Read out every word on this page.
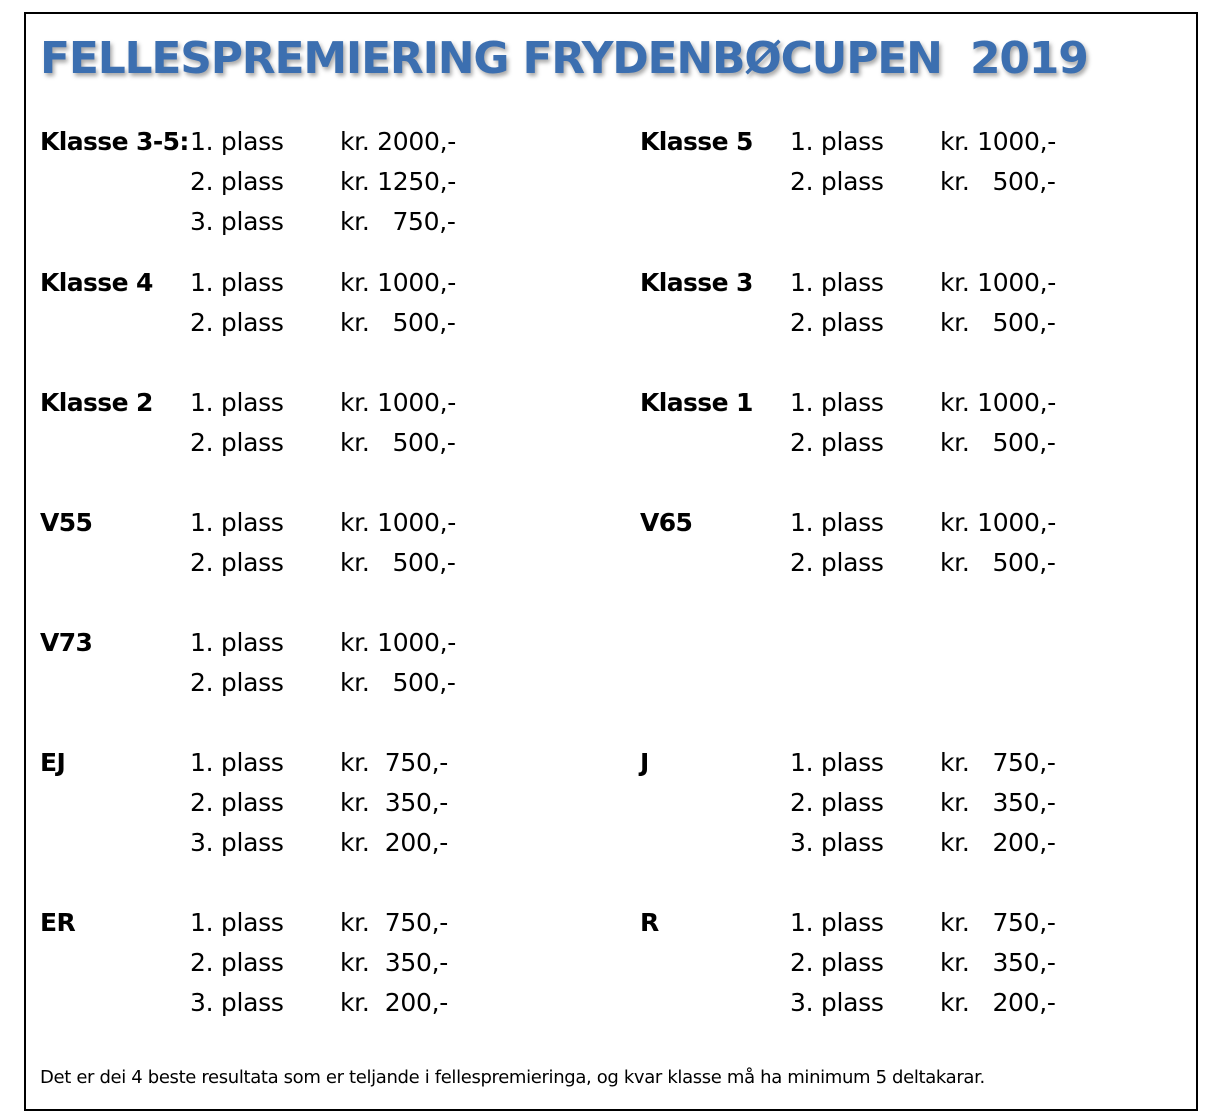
FELLESPREMIERING FRYDENBØCUPEN  2019
Klasse 3-5: 1. plass kr. 2000,-
2. plass kr. 1250,-
3. plass kr.   750,-
Klasse 5 1. plass kr. 1000,-
2. plass kr.   500,-
Klasse 4 1. plass kr. 1000,-
2. plass kr.   500,-
Klasse 3 1. plass kr. 1000,-
2. plass kr.   500,-
Klasse 2 1. plass kr. 1000,-
2. plass kr.   500,-
Klasse 1 1. plass kr. 1000,-
2. plass kr.   500,-
V55	1. plass kr. 1000,-
2. plass kr.   500,-
V65	1. plass kr. 1000,-
2. plass kr.   500,-
V73	1. plass kr. 1000,-
2. plass kr.   500,-
EJ	1. plass kr.  750,-
2. plass kr.  350,-
3. plass kr.  200,-
J	1. plass kr.   750,-
2. plass kr.   350,-
3. plass kr.   200,-
ER	1. plass kr.  750,-
2. plass kr.  350,-
3. plass kr.  200,-
R	1. plass kr.   750,-
2. plass kr.   350,-
3. plass kr.   200,-
Det er dei 4 beste resultata som er teljande i fellespremieringa, og kvar klasse må ha minimum 5 deltakarar.
